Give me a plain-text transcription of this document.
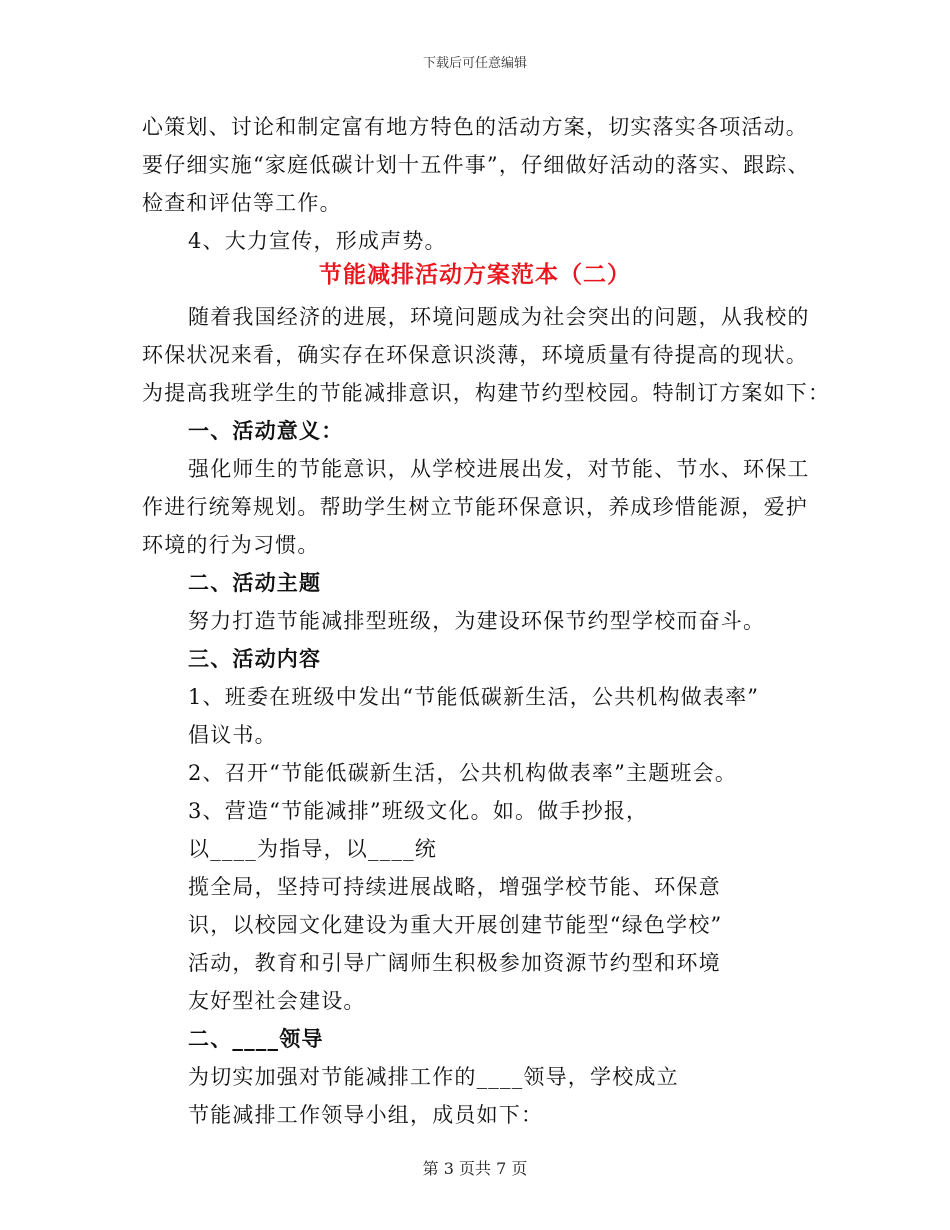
下载后可任意编辑
心策划、讨论和制定富有地方特色的活动方案，切实落实各项活动。
要仔细实施“家庭低碳计划十五件事”，仔细做好活动的落实、跟踪、
检查和评估等工作。
4、大力宣传，形成声势。
节能减排活动方案范本（二）
随着我国经济的进展，环境问题成为社会突出的问题，从我校的
环保状况来看，确实存在环保意识淡薄，环境质量有待提高的现状。
为提高我班学生的节能减排意识，构建节约型校园。特制订方案如下：
一、活动意义：
强化师生的节能意识，从学校进展出发，对节能、节水、环保工
作进行统筹规划。帮助学生树立节能环保意识，养成珍惜能源，爱护
环境的行为习惯。
二、活动主题
努力打造节能减排型班级，为建设环保节约型学校而奋斗。
三、活动内容
1、班委在班级中发出“节能低碳新生活，公共机构做表率”
倡议书。
2、召开“节能低碳新生活，公共机构做表率”主题班会。
3、营造“节能减排”班级文化。如。做手抄报，
以____为指导，以____统
揽全局，坚持可持续进展战略，增强学校节能、环保意
识，以校园文化建设为重大开展创建节能型“绿色学校”
活动，教育和引导广阔师生积极参加资源节约型和环境
友好型社会建设。
二、____领导
为切实加强对节能减排工作的____领导，学校成立
节能减排工作领导小组，成员如下：
第 3 页共 7 页
